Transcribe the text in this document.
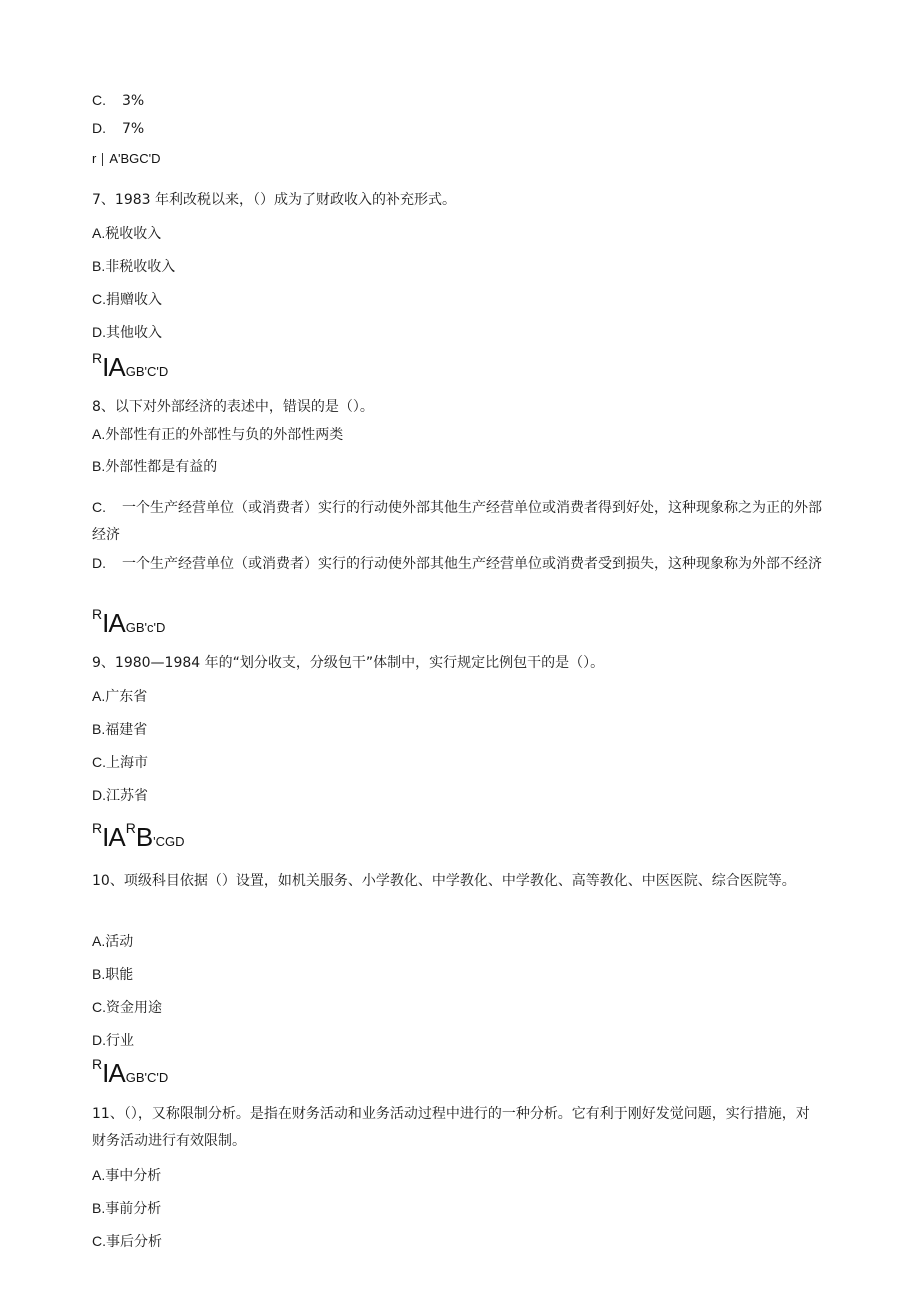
C. 3%
D. 7%
r A'BGC'D
7、1983 年利改税以来，（）成为了财政收入的补充形式。
A.税收收入
B.非税收收入
C.捐赠收入
D.其他收入
RIAGB'C'D
8、以下对外部经济的表述中，错误的是（）。
A.外部性有正的外部性与负的外部性两类
B.外部性都是有益的
C. 一个生产经营单位（或消费者）实行的行动使外部其他生产经营单位或消费者得到好处，这种现象称之为正的外部经济
D. 一个生产经营单位（或消费者）实行的行动使外部其他生产经营单位或消费者受到损失，这种现象称为外部不经济
RIAGB'c'D
9、1980—1984 年的“划分收支，分级包干”体制中，实行规定比例包干的是（）。
A.广东省
B.福建省
C.上海市
D.江苏省
RIARB'CGD
10、项级科目依据（）设置，如机关服务、小学教化、中学教化、中学教化、高等教化、中医医院、综合医院等。
A.活动
B.职能
C.资金用途
D.行业
RIAGB'C'D
11、（），又称限制分析。是指在财务活动和业务活动过程中进行的一种分析。它有利于刚好发觉问题，实行措施，对财务活动进行有效限制。
A.事中分析
B.事前分析
C.事后分析
